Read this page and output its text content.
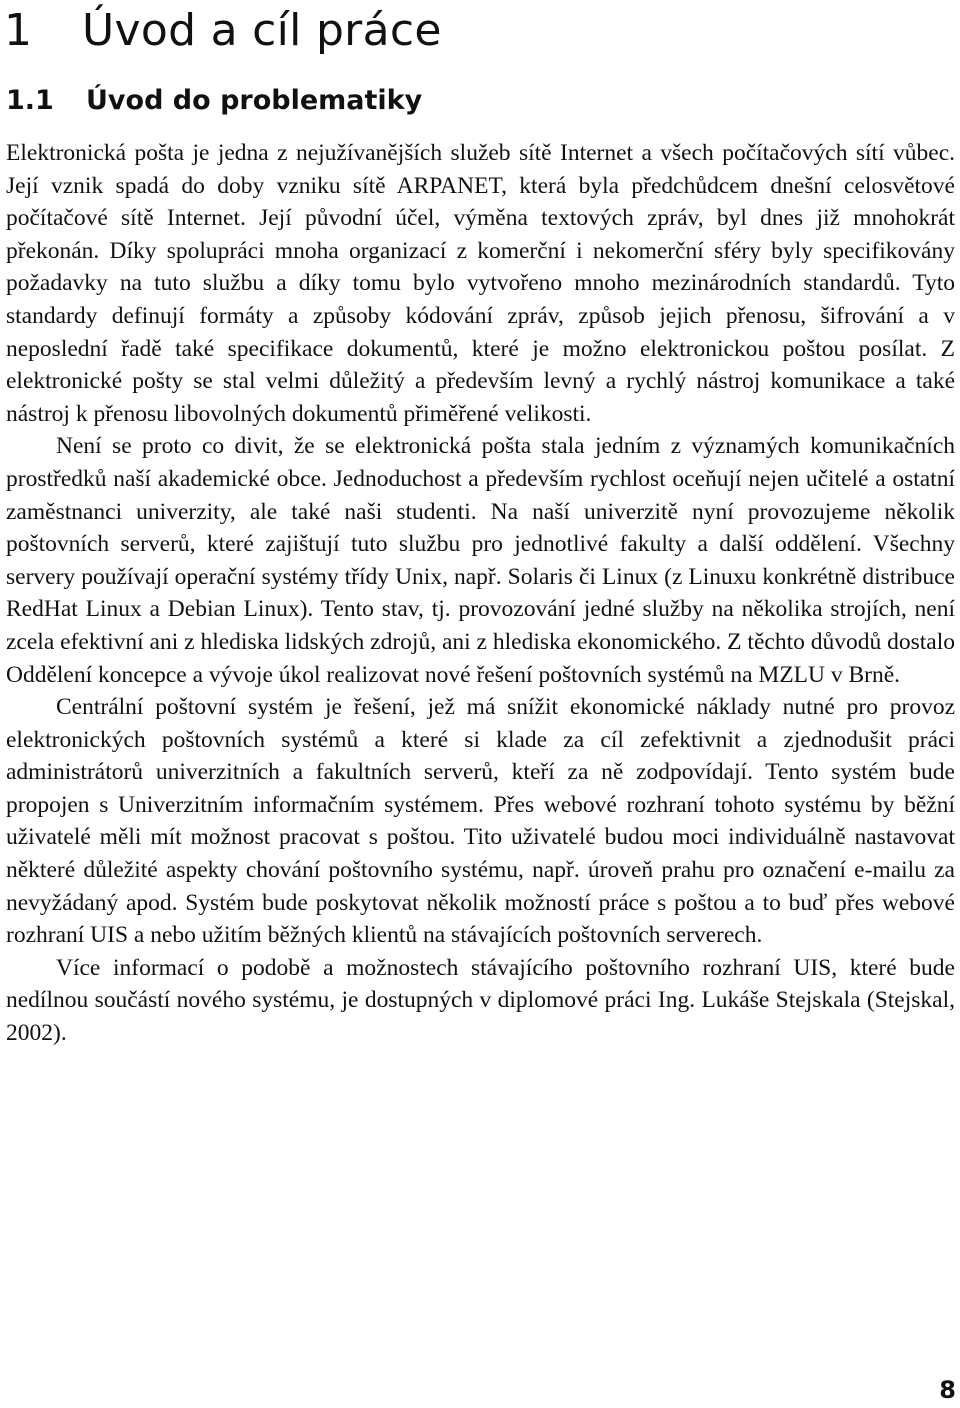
1 Úvod a cíl práce
1.1 Úvod do problematiky

Elektronická pošta je jedna z nejužívanějších služeb sítě Internet a všech počítačových sítí vůbec. Její vznik spadá do doby vzniku sítě ARPANET, která byla předchůdcem dnešní celosvětové počítačové sítě Internet. Její původní účel, výměna textových zpráv, byl dnes již mnohokrát překonán. Díky spolupráci mnoha organizací z komerční i nekomerční sféry byly specifikovány požadavky na tuto službu a díky tomu bylo vytvořeno mnoho mezinárodních standardů. Tyto standardy definují formáty a způsoby kódování zpráv, způsob jejich přenosu, šifrování a v neposlední řadě také specifikace dokumentů, které je možno elektronickou poštou posílat. Z elektronické pošty se stal velmi důležitý a především levný a rychlý nástroj komunikace a také nástroj k přenosu libovolných dokumentů přiměřené velikosti.

Není se proto co divit, že se elektronická pošta stala jedním z významých komunikačních prostředků naší akademické obce. Jednoduchost a především rychlost oceňují nejen učitelé a ostatní zaměstnanci univerzity, ale také naši studenti. Na naší univerzitě nyní provozujeme několik poštovních serverů, které zajištují tuto službu pro jednotlivé fakulty a další oddělení. Všechny servery používají operační systémy třídy Unix, např. Solaris či Linux (z Linuxu konkrétně distribuce RedHat Linux a Debian Linux). Tento stav, tj. provozování jedné služby na několika strojích, není zcela efektivní ani z hlediska lidských zdrojů, ani z hlediska ekonomického. Z těchto důvodů dostalo Oddělení koncepce a vývoje úkol realizovat nové řešení poštovních systémů na MZLU v Brně.

Centrální poštovní systém je řešení, jež má snížit ekonomické náklady nutné pro provoz elektronických poštovních systémů a které si klade za cíl zefektivnit a zjednodušit práci administrátorů univerzitních a fakultních serverů, kteří za ně zodpovídají. Tento systém bude propojen s Univerzitním informačním systémem. Přes webové rozhraní tohoto systému by běžní uživatelé měli mít možnost pracovat s poštou. Tito uživatelé budou moci individuálně nastavovat některé důležité aspekty chování poštovního systému, např. úroveň prahu pro označení e-mailu za nevyžádaný apod. Systém bude poskytovat několik možností práce s poštou a to buď přes webové rozhraní UIS a nebo užitím běžných klientů na stávajících poštovních serverech.

Více informací o podobě a možnostech stávajícího poštovního rozhraní UIS, které bude nedílnou součástí nového systému, je dostupných v diplomové práci Ing. Lukáše Stejskala (Stejskal, 2002).

8
